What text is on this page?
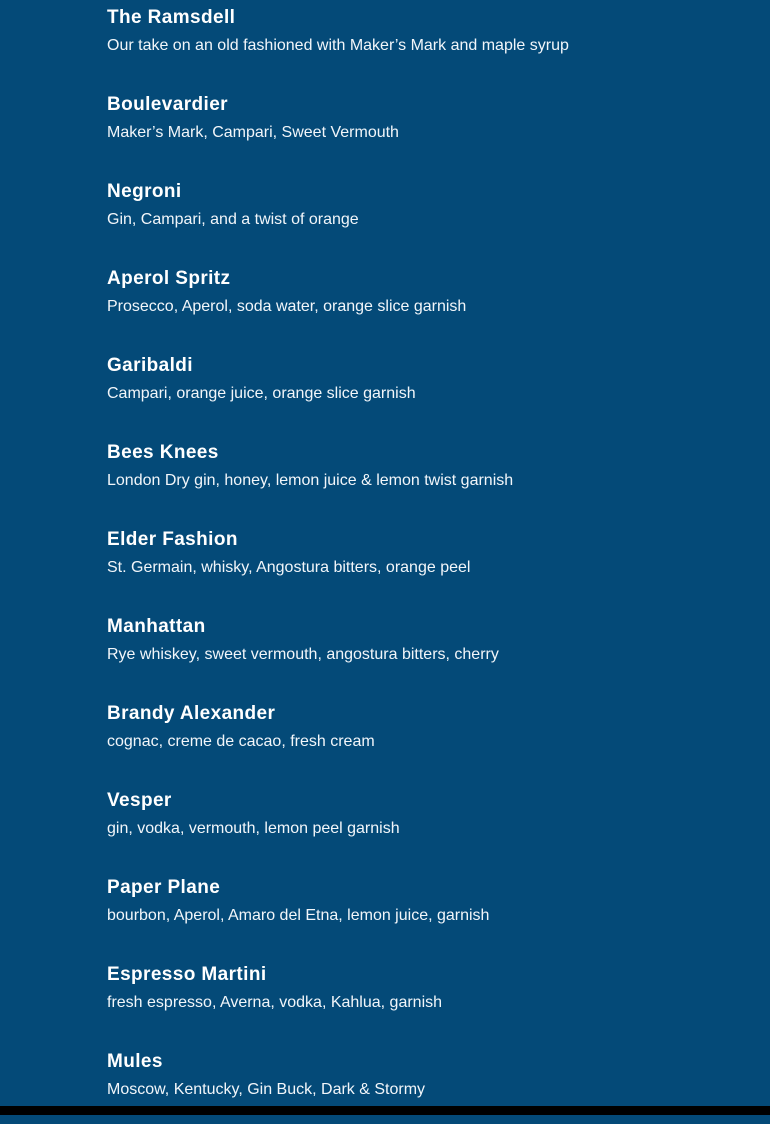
The Ramsdell

Our take on an old fashioned with Maker’s Mark and maple syrup

Boulevardier

Maker’s Mark, Campari, Sweet Vermouth

Negroni

Gin, Campari, and a twist of orange

Aperol Spritz

Prosecco, Aperol, soda water, orange slice garnish

Garibaldi

Campari, orange juice, orange slice garnish

Bees Knees

London Dry gin, honey, lemon juice & lemon twist garnish

Elder Fashion

St. Germain, whisky, Angostura bitters, orange peel

Manhattan

Rye whiskey, sweet vermouth, angostura bitters, cherry

Brandy Alexander

cognac, creme de cacao, fresh cream

Vesper

gin, vodka, vermouth, lemon peel garnish

Paper Plane

bourbon, Aperol, Amaro del Etna, lemon juice, garnish

Espresso Martini

fresh espresso, Averna, vodka, Kahlua, garnish

Mules

Moscow, Kentucky, Gin Buck, Dark & Stormy
